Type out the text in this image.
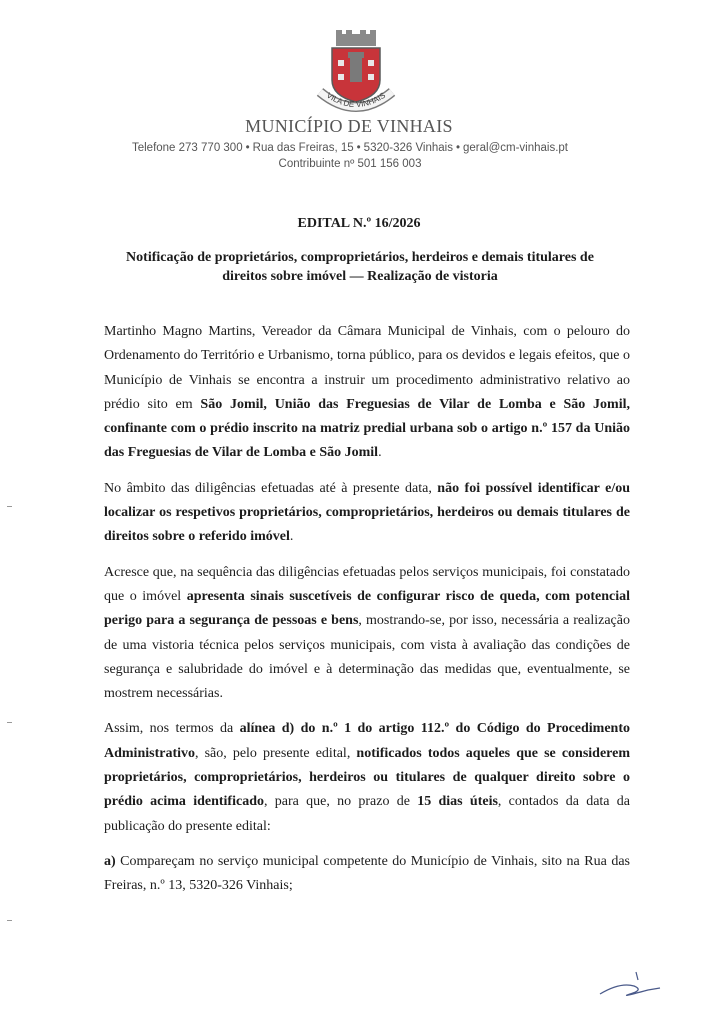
VILA DE VINHAIS
MUNICÍPIO DE VINHAIS
Telefone 273 770 300 • Rua das Freiras, 15 • 5320-326 Vinhais • geral@cm-vinhais.pt
Contribuinte nº 501 156 003
EDITAL N.º 16/2026
Notificação de proprietários, comproprietários, herdeiros e demais titulares de direitos sobre imóvel — Realização de vistoria

Martinho Magno Martins, Vereador da Câmara Municipal de Vinhais, com o pelouro do Ordenamento do Território e Urbanismo, torna público, para os devidos e legais efeitos, que o Município de Vinhais se encontra a instruir um procedimento administrativo relativo ao prédio sito em São Jomil, União das Freguesias de Vilar de Lomba e São Jomil, confinante com o prédio inscrito na matriz predial urbana sob o artigo n.º 157 da União das Freguesias de Vilar de Lomba e São Jomil.

No âmbito das diligências efetuadas até à presente data, não foi possível identificar e/ou localizar os respetivos proprietários, comproprietários, herdeiros ou demais titulares de direitos sobre o referido imóvel.

Acresce que, na sequência das diligências efetuadas pelos serviços municipais, foi constatado que o imóvel apresenta sinais suscetíveis de configurar risco de queda, com potencial perigo para a segurança de pessoas e bens, mostrando-se, por isso, necessária a realização de uma vistoria técnica pelos serviços municipais, com vista à avaliação das condições de segurança e salubridade do imóvel e à determinação das medidas que, eventualmente, se mostrem necessárias.

Assim, nos termos da alínea d) do n.º 1 do artigo 112.º do Código do Procedimento Administrativo, são, pelo presente edital, notificados todos aqueles que se considerem proprietários, comproprietários, herdeiros ou titulares de qualquer direito sobre o prédio acima identificado, para que, no prazo de 15 dias úteis, contados da data da publicação do presente edital:

a) Compareçam no serviço municipal competente do Município de Vinhais, sito na Rua das Freiras, n.º 13, 5320-326 Vinhais;
